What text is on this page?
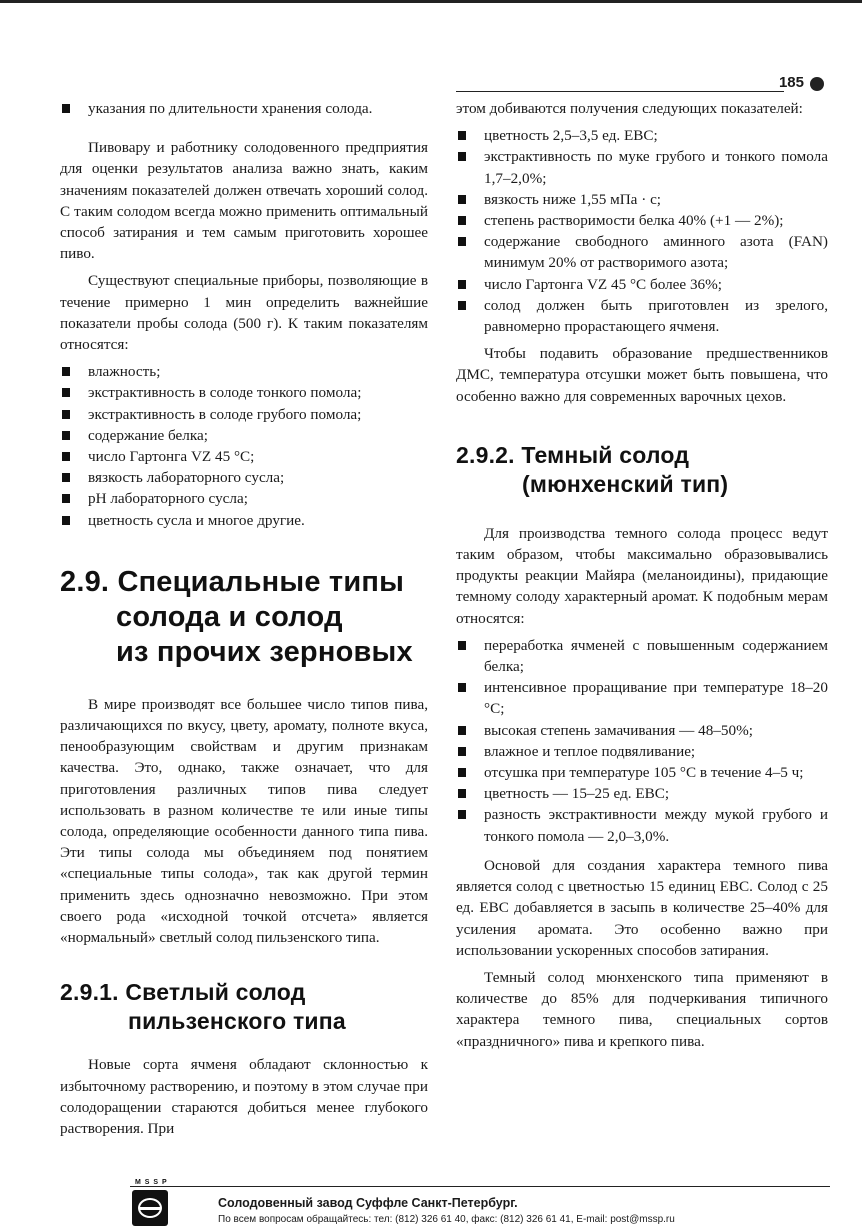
185
указания по длительности хранения солода.

Пивовару и работнику солодовенного предприятия для оценки результатов анализа важно знать, каким значениям показателей должен отвечать хороший солод. С таким солодом всегда можно применить оптимальный способ затирания и тем самым приготовить хорошее пиво.

Существуют специальные приборы, позволяющие в течение примерно 1 мин определить важнейшие показатели пробы солода (500 г). К таким показателям относятся:

влажность;
экстрактивность в солоде тонкого помола;
экстрактивность в солоде грубого помола;
содержание белка;
число Гартонга VZ 45 °С;
вязкость лабораторного сусла;
рН лабораторного сусла;
цветность сусла и многое другие.
2.9. Специальные типы
солода и солод
из прочих зерновых

В мире производят все большее число типов пива, различающихся по вкусу, цвету, аромату, полноте вкуса, пенообразующим свойствам и другим признакам качества. Это, однако, также означает, что для приготовления различных типов пива следует использовать в разном количестве те или иные типы солода, определяющие особенности данного типа пива. Эти типы солода мы объединяем под понятием «специальные типы солода», так как другой термин применить здесь однозначно невозможно. При этом своего рода «исходной точкой отсчета» является «нормальный» светлый солод пильзенского типа.

2.9.1. Светлый солод
пильзенского типа

Новые сорта ячменя обладают склонностью к избыточному растворению, и поэтому в этом случае при солодоращении стараются добиться менее глубокого растворения. При

этом добиваются получения следующих показателей:

цветность 2,5–3,5 ед. ЕВС;
экстрактивность по муке грубого и тонкого помола 1,7–2,0%;
вязкость ниже 1,55 мПа · с;
степень растворимости белка 40% (+1 — 2%);
содержание свободного аминного азота (FAN) минимум 20% от растворимого азота;
число Гартонга VZ 45 °С более 36%;
солод должен быть приготовлен из зрелого, равномерно прорастающего ячменя.

Чтобы подавить образование предшественников ДМС, температура отсушки может быть повышена, что особенно важно для современных варочных цехов.

2.9.2. Темный солод
(мюнхенский тип)

Для производства темного солода процесс ведут таким образом, чтобы максимально образовывались продукты реакции Майяра (меланоидины), придающие темному солоду характерный аромат. К подобным мерам относятся:

переработка ячменей с повышенным содержанием белка;
интенсивное проращивание при температуре 18–20 °С;
высокая степень замачивания — 48–50%;
влажное и теплое подвяливание;
отсушка при температуре 105 °С в течение 4–5 ч;
цветность — 15–25 ед. ЕВС;
разность экстрактивности между мукой грубого и тонкого помола — 2,0–3,0%.

Основой для создания характера темного пива является солод с цветностью 15 единиц ЕВС. Солод с 25 ед. ЕВС добавляется в засыпь в количестве 25–40% для усиления аромата. Это особенно важно при использовании ускоренных способов затирания.

Темный солод мюнхенского типа применяют в количестве до 85% для подчеркивания типичного характера темного пива, специальных сортов «праздничного» пива и крепкого пива.

M S S P
Солодовенный завод Суффле Санкт-Петербург.
По всем вопросам обращайтесь: тел: (812) 326 61 40, факс: (812) 326 61 41, E-mail: post@mssp.ru
